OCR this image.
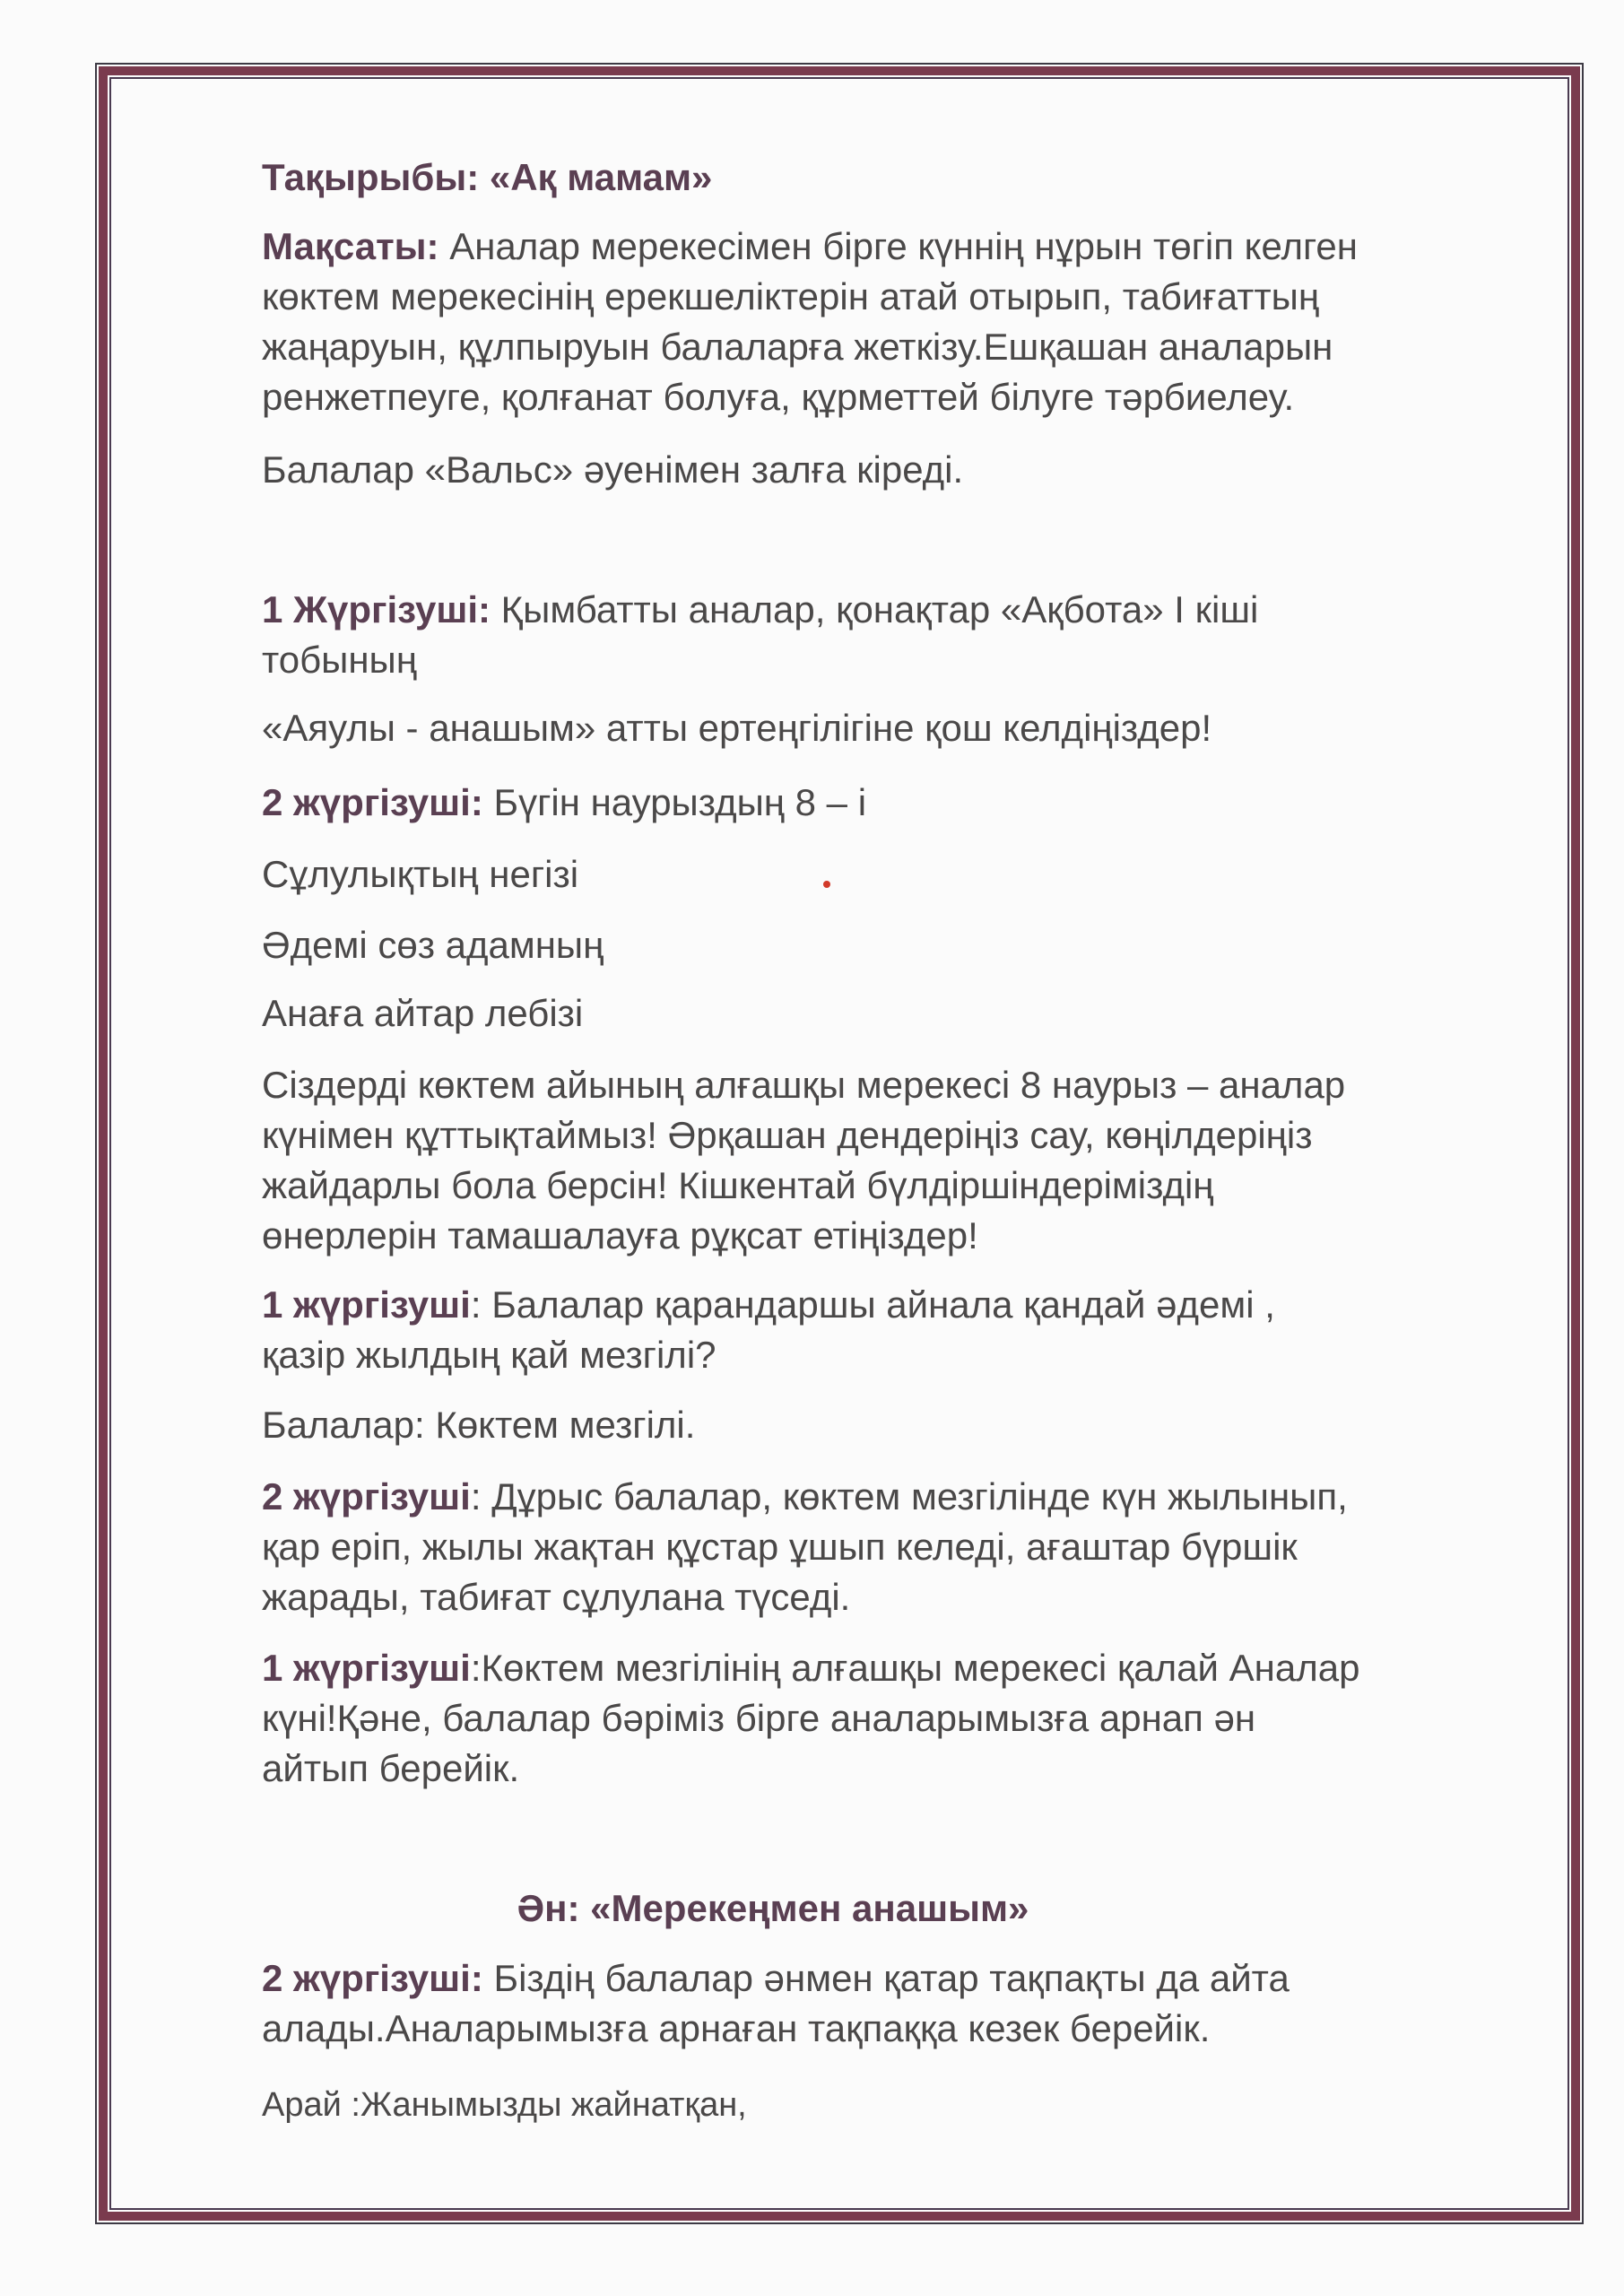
Тақырыбы: «Ақ мамам»
Мақсаты: Аналар мерекесімен бірге күннің нұрын төгіп келген
көктем мерекесінің ерекшеліктерін атай отырып, табиғаттың
жаңаруын, құлпыруын балаларға жеткізу.Ешқашан аналарын
ренжетпеуге, қолғанат болуға, құрметтей білуге тәрбиелеу.
Балалар «Вальс» әуенімен залға кіреді.
1 Жүргізуші: Қымбатты аналар, қонақтар «Ақбота» І кіші
тобының
«Аяулы - анашым» атты ертеңгілігіне қош келдіңіздер!
2 жүргізуші: Бүгін наурыздың 8 – і
Сұлулықтың негізі
Әдемі сөз адамның
Анаға айтар лебізі
Сіздерді көктем айының алғашқы мерекесі 8 наурыз – аналар
күнімен құттықтаймыз! Әрқашан дендеріңіз сау, көңілдеріңіз
жайдарлы бола берсін! Кішкентай бүлдіршіндеріміздің
өнерлерін тамашалауға рұқсат етіңіздер!
1 жүргізуші: Балалар қарандаршы айнала қандай әдемі ,
қазір жылдың қай мезгілі?
Балалар: Көктем мезгілі.
2 жүргізуші: Дұрыс балалар, көктем мезгілінде күн жылынып,
қар еріп, жылы жақтан құстар ұшып келеді, ағаштар бүршік
жарады, табиғат сұлулана түседі.
1 жүргізуші:Көктем мезгілінің алғашқы мерекесі қалай Аналар
күні!Қәне, балалар бәріміз бірге аналарымызға арнап ән
айтып берейік.
Ән: «Мерекеңмен анашым»
2 жүргізуші: Біздің балалар әнмен қатар тақпақты да айта
алады.Аналарымызға арнаған тақпаққа кезек берейік.
Арай :Жанымызды жайнатқан,
